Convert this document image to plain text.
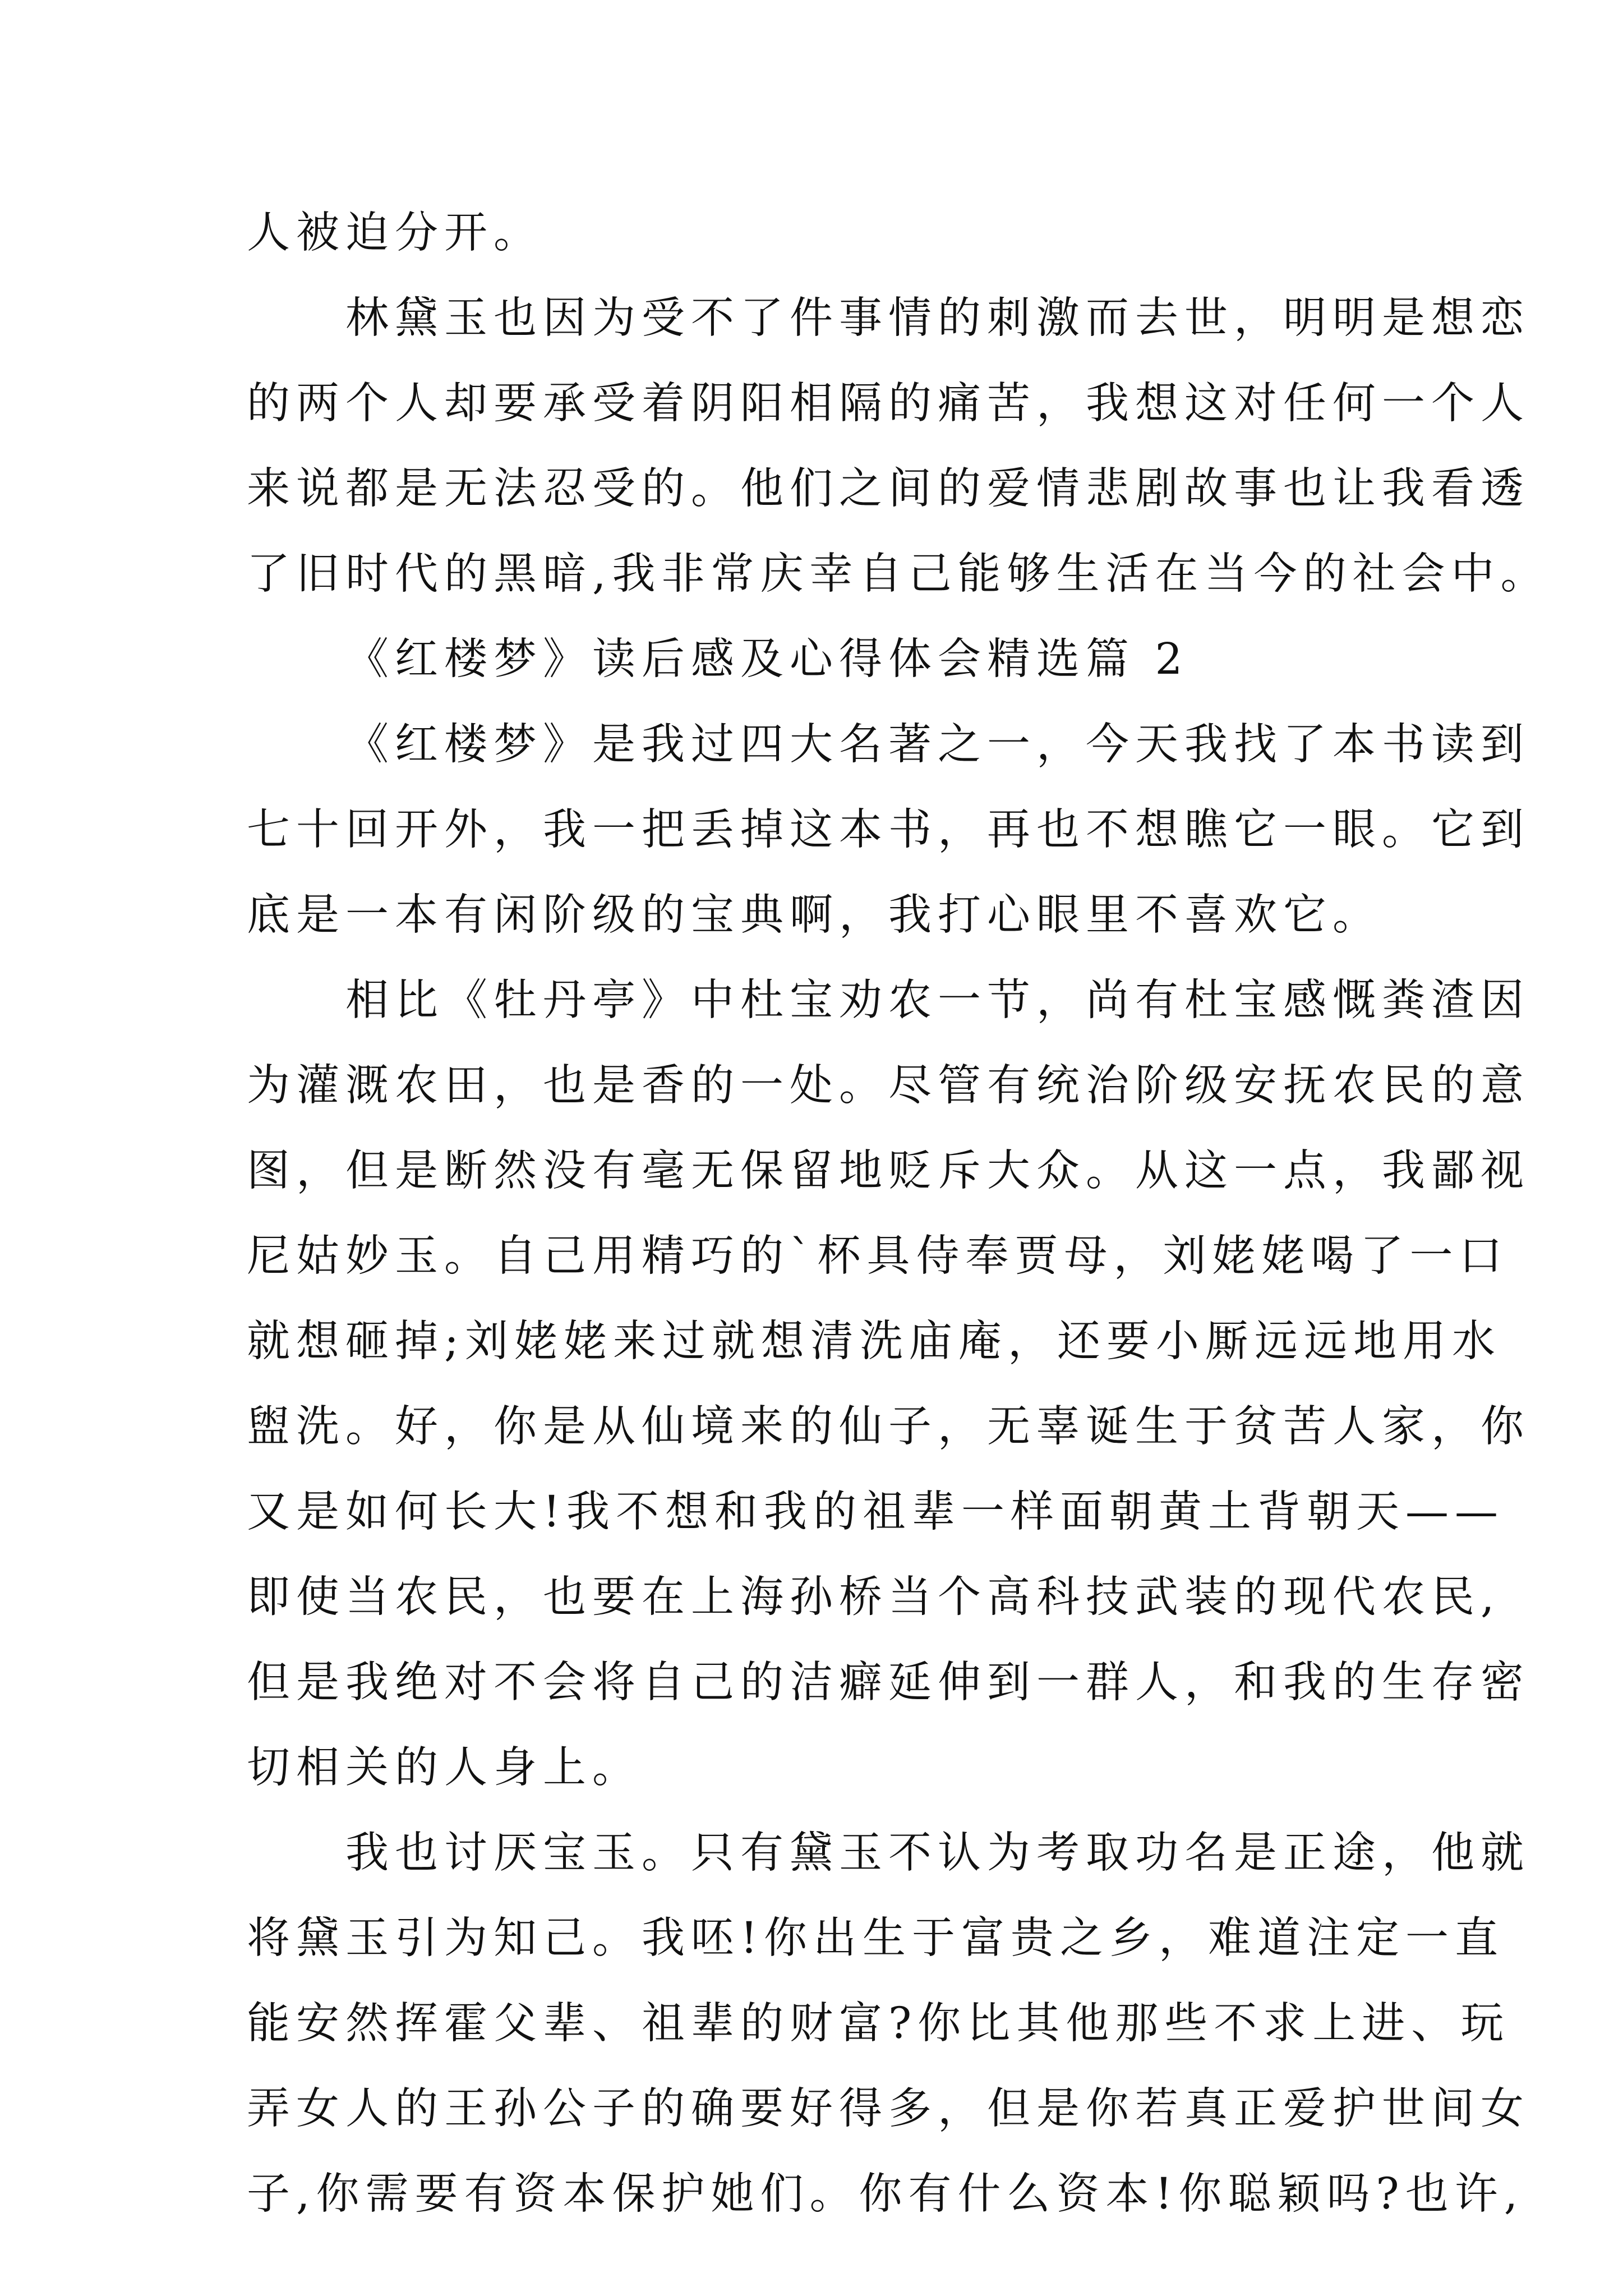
人被迫分开。
林黛玉也因为受不了件事情的刺激而去世，明明是想恋
的两个人却要承受着阴阳相隔的痛苦，我想这对任何一个人
来说都是无法忍受的。他们之间的爱情悲剧故事也让我看透
了旧时代的黑暗,我非常庆幸自己能够生活在当今的社会中。
《红楼梦》读后感及心得体会精选篇 2
《红楼梦》是我过四大名著之一，今天我找了本书读到
七十回开外，我一把丢掉这本书，再也不想瞧它一眼。它到
底是一本有闲阶级的宝典啊，我打心眼里不喜欢它。
相比《牡丹亭》中杜宝劝农一节，尚有杜宝感慨粪渣因
为灌溉农田，也是香的一处。尽管有统治阶级安抚农民的意
图，但是断然没有毫无保留地贬斥大众。从这一点，我鄙视
尼姑妙玉。自己用精巧的`杯具侍奉贾母，刘姥姥喝了一口
就想砸掉;刘姥姥来过就想清洗庙庵，还要小厮远远地用水
盥洗。好，你是从仙境来的仙子，无辜诞生于贫苦人家，你
又是如何长大!我不想和我的祖辈一样面朝黄土背朝天——
即使当农民，也要在上海孙桥当个高科技武装的现代农民,
但是我绝对不会将自己的洁癖延伸到一群人，和我的生存密
切相关的人身上。
我也讨厌宝玉。只有黛玉不认为考取功名是正途，他就
将黛玉引为知己。我呸!你出生于富贵之乡，难道注定一直
能安然挥霍父辈、祖辈的财富?你比其他那些不求上进、玩
弄女人的王孙公子的确要好得多，但是你若真正爱护世间女
子,你需要有资本保护她们。你有什么资本!你聪颖吗?也许,
